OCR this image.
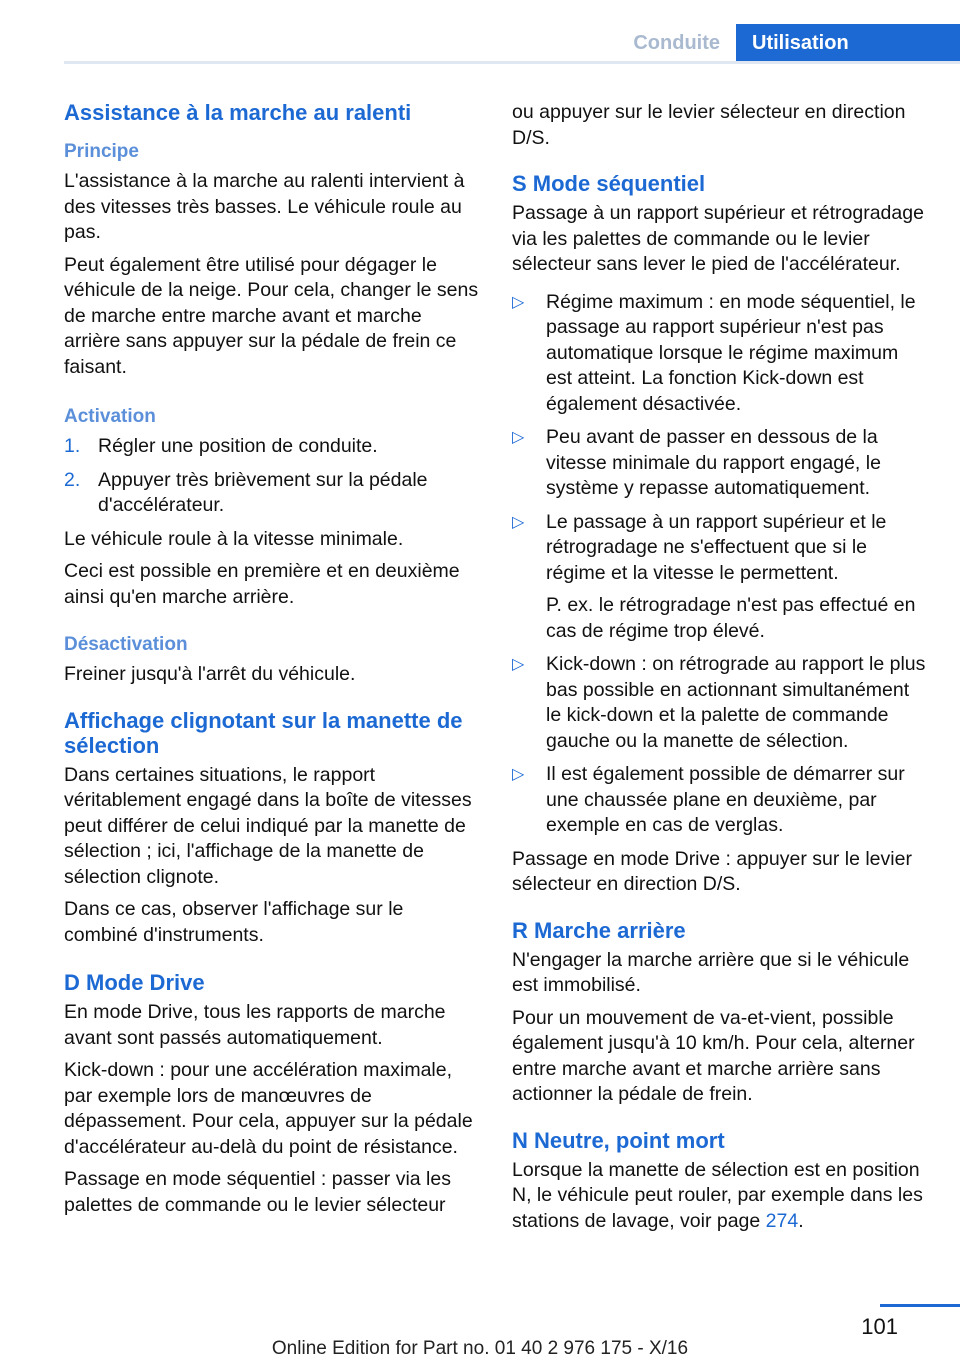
Conduite	Utilisation
Assistance à la marche au ralenti
Principe

L'assistance à la marche au ralenti intervient à des vitesses très basses. Le véhicule roule au pas.

Peut également être utilisé pour dégager le véhicule de la neige. Pour cela, changer le sens de marche entre marche avant et marche arrière sans appuyer sur la pédale de frein ce faisant.

Activation
1. Régler une position de conduite.
2. Appuyer très brièvement sur la pédale d'accélérateur.

Le véhicule roule à la vitesse minimale.

Ceci est possible en première et en deuxième ainsi qu'en marche arrière.

Désactivation

Freiner jusqu'à l'arrêt du véhicule.

Affichage clignotant sur la manette de sélection

Dans certaines situations, le rapport véritablement engagé dans la boîte de vitesses peut différer de celui indiqué par la manette de sélection ; ici, l'affichage de la manette de sélection clignote.

Dans ce cas, observer l'affichage sur le combiné d'instruments.

D Mode Drive

En mode Drive, tous les rapports de marche avant sont passés automatiquement.

Kick-down : pour une accélération maximale, par exemple lors de manœuvres de dépassement. Pour cela, appuyer sur la pédale d'accélérateur au-delà du point de résistance.

Passage en mode séquentiel : passer via les palettes de commande ou le levier sélecteur

ou appuyer sur le levier sélecteur en direction D/S.

S Mode séquentiel

Passage à un rapport supérieur et rétrogradage via les palettes de commande ou le levier sélecteur sans lever le pied de l'accélérateur.

▷ Régime maximum : en mode séquentiel, le passage au rapport supérieur n'est pas automatique lorsque le régime maximum est atteint. La fonction Kick-down est également désactivée.

▷ Peu avant de passer en dessous de la vitesse minimale du rapport engagé, le système y repasse automatiquement.

▷ Le passage à un rapport supérieur et le rétrogradage ne s'effectuent que si le régime et la vitesse le permettent.

P. ex. le rétrogradage n'est pas effectué en cas de régime trop élevé.

▷ Kick-down : on rétrograde au rapport le plus bas possible en actionnant simultanément le kick-down et la palette de commande gauche ou la manette de sélection.

▷ Il est également possible de démarrer sur une chaussée plane en deuxième, par exemple en cas de verglas.

Passage en mode Drive : appuyer sur le levier sélecteur en direction D/S.

R Marche arrière

N'engager la marche arrière que si le véhicule est immobilisé.

Pour un mouvement de va-et-vient, possible également jusqu'à 10 km/h. Pour cela, alterner entre marche avant et marche arrière sans actionner la pédale de frein.

N Neutre, point mort

Lorsque la manette de sélection est en position N, le véhicule peut rouler, par exemple dans les stations de lavage, voir page 274.

101
Online Edition for Part no. 01 40 2 976 175 - X/16
